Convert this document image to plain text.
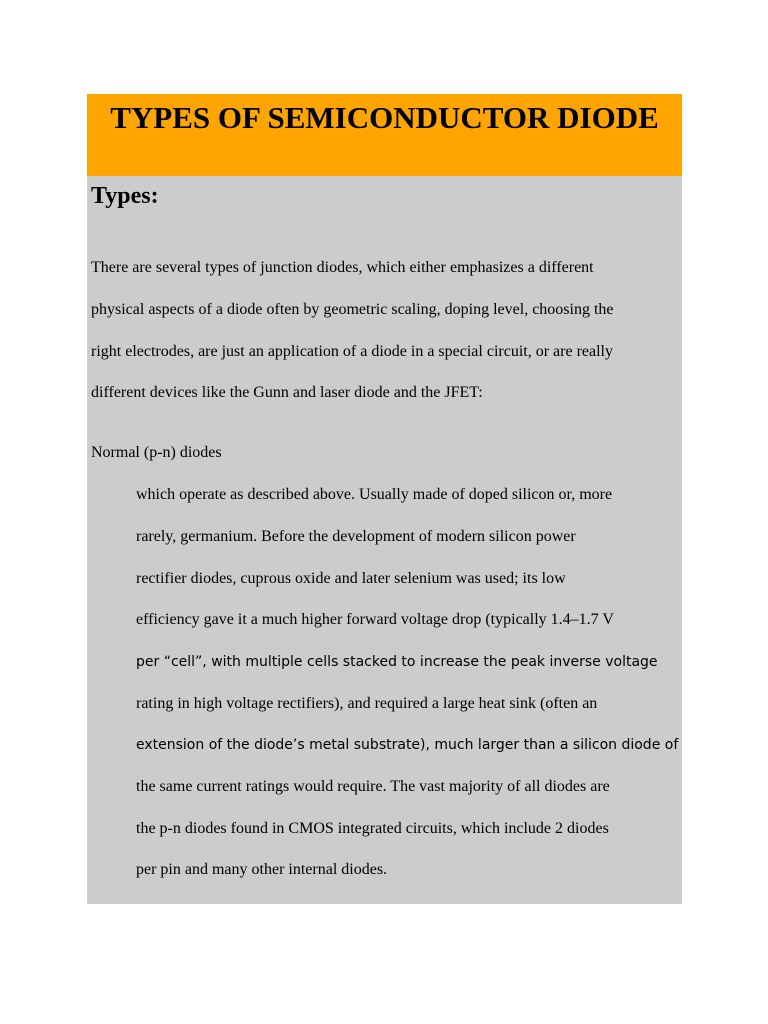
TYPES OF SEMICONDUCTOR DIODE
Types:

There are several types of junction diodes, which either emphasizes a different

physical aspects of a diode often by geometric scaling, doping level, choosing the

right electrodes, are just an application of a diode in a special circuit, or are really

different devices like the Gunn and laser diode and the JFET:

Normal (p-n) diodes

which operate as described above. Usually made of doped silicon or, more

rarely, germanium. Before the development of modern silicon power

rectifier diodes, cuprous oxide and later selenium was used; its low

efficiency gave it a much higher forward voltage drop (typically 1.4–1.7 V

per “cell”, with multiple cells stacked to increase the peak inverse voltage

rating in high voltage rectifiers), and required a large heat sink (often an

extension of the diode’s metal substrate), much larger than a silicon diode of

the same current ratings would require. The vast majority of all diodes are

the p-n diodes found in CMOS integrated circuits, which include 2 diodes

per pin and many other internal diodes.
